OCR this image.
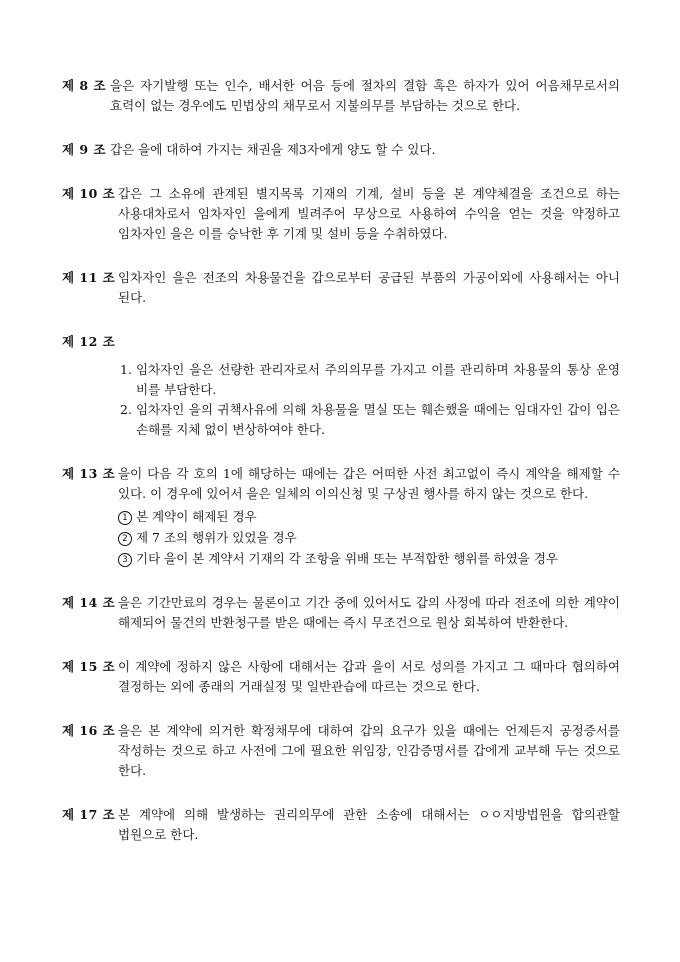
제 8 조 을은 자기발행 또는 인수, 배서한 어음 등에 절차의 결함 혹은 하자가 있어 어음채무로서의 효력이 없는 경우에도 민법상의 채무로서 지불의무를 부담하는 것으로 한다.
제 9 조 갑은 을에 대하여 가지는 채권을 제3자에게 양도 할 수 있다.
제 10 조 갑은 그 소유에 관계된 별지목록 기재의 기계, 설비 등을 본 계약체결을 조건으로 하는 사용대차로서 임차자인 을에게 빌려주어 무상으로 사용하여 수익을 얻는 것을 약정하고 임차자인 을은 이를 승낙한 후 기계 및 설비 등을 수취하였다.
제 11 조 임차자인 을은 전조의 차용물건을 갑으로부터 공급된 부품의 가공이외에 사용해서는 아니 된다.
제 12 조
1. 임차자인 을은 선량한 관리자로서 주의의무를 가지고 이를 관리하며 차용물의 통상 운영비를 부담한다.
2. 임차자인 을의 귀책사유에 의해 차용물을 멸실 또는 훼손했을 때에는 임대자인 갑이 입은 손해를 지체 없이 변상하여야 한다.
제 13 조 을이 다음 각 호의 1에 해당하는 때에는 갑은 어떠한 사전 최고없이 즉시 계약을 해제할 수 있다. 이 경우에 있어서 을은 일체의 이의신청 및 구상권 행사를 하지 않는 것으로 한다.
1 본 계약이 해제된 경우
2 제 7 조의 행위가 있었을 경우
3 기타 을이 본 계약서 기재의 각 조항을 위배 또는 부적합한 행위를 하였을 경우
제 14 조 을은 기간만료의 경우는 물론이고 기간 중에 있어서도 갑의 사정에 따라 전조에 의한 계약이 해제되어 물건의 반환청구를 받은 때에는 즉시 무조건으로 원상 회복하여 반환한다.
제 15 조 이 계약에 정하지 않은 사항에 대해서는 갑과 을이 서로 성의를 가지고 그 때마다 협의하여 결정하는 외에 종래의 거래실정 및 일반관습에 따르는 것으로 한다.
제 16 조 을은 본 계약에 의거한 확정채무에 대하여 갑의 요구가 있을 때에는 언제든지 공정증서를 작성하는 것으로 하고 사전에 그에 필요한 위임장, 인감증명서를 갑에게 교부해 두는 것으로 한다.
제 17 조 본 계약에 의해 발생하는 권리의무에 관한 소송에 대해서는 ㅇㅇ지방법원을 합의관할 법원으로 한다.
